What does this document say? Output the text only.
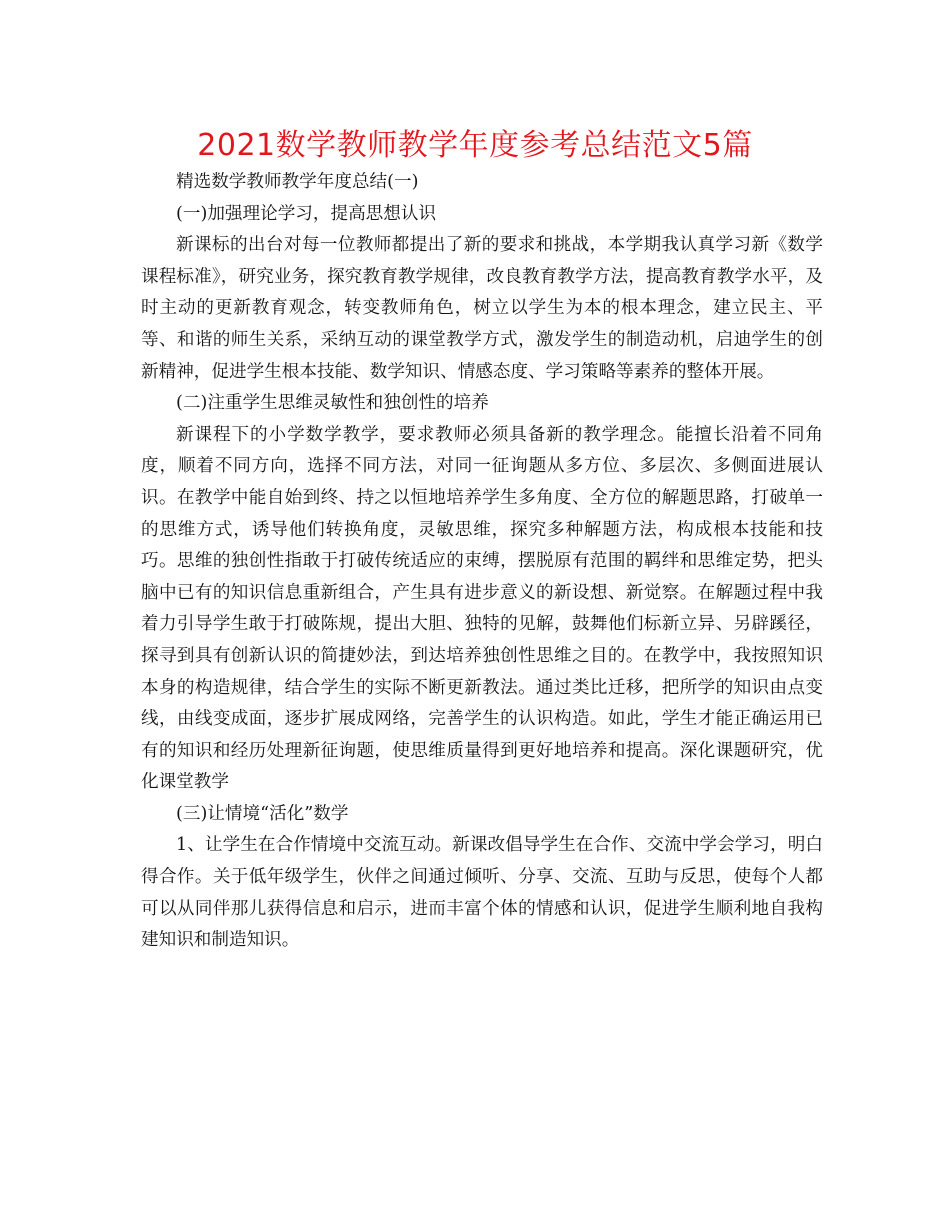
2021数学教师教学年度参考总结范文5篇

精选数学教师教学年度总结(一)

(一)加强理论学习，提高思想认识

新课标的出台对每一位教师都提出了新的要求和挑战，本学期我认真学习新《数学课程标准》，研究业务，探究教育教学规律，改良教育教学方法，提高教育教学水平，及时主动的更新教育观念，转变教师角色，树立以学生为本的根本理念，建立民主、平等、和谐的师生关系，采纳互动的课堂教学方式，激发学生的制造动机，启迪学生的创新精神，促进学生根本技能、数学知识、情感态度、学习策略等素养的整体开展。

(二)注重学生思维灵敏性和独创性的培养

新课程下的小学数学教学，要求教师必须具备新的教学理念。能擅长沿着不同角度，顺着不同方向，选择不同方法，对同一征询题从多方位、多层次、多侧面进展认识。在教学中能自始到终、持之以恒地培养学生多角度、全方位的解题思路，打破单一的思维方式，诱导他们转换角度，灵敏思维，探究多种解题方法，构成根本技能和技巧。思维的独创性指敢于打破传统适应的束缚，摆脱原有范围的羁绊和思维定势，把头脑中已有的知识信息重新组合，产生具有进步意义的新设想、新觉察。在解题过程中我着力引导学生敢于打破陈规，提出大胆、独特的见解，鼓舞他们标新立异、另辟蹊径，探寻到具有创新认识的简捷妙法，到达培养独创性思维之目的。在教学中，我按照知识本身的构造规律，结合学生的实际不断更新教法。通过类比迁移，把所学的知识由点变线，由线变成面，逐步扩展成网络，完善学生的认识构造。如此，学生才能正确运用已有的知识和经历处理新征询题，使思维质量得到更好地培养和提高。深化课题研究，优化课堂教学

(三)让情境“活化”数学

1、让学生在合作情境中交流互动。新课改倡导学生在合作、交流中学会学习，明白得合作。关于低年级学生，伙伴之间通过倾听、分享、交流、互助与反思，使每个人都可以从同伴那儿获得信息和启示，进而丰富个体的情感和认识，促进学生顺利地自我构建知识和制造知识。
